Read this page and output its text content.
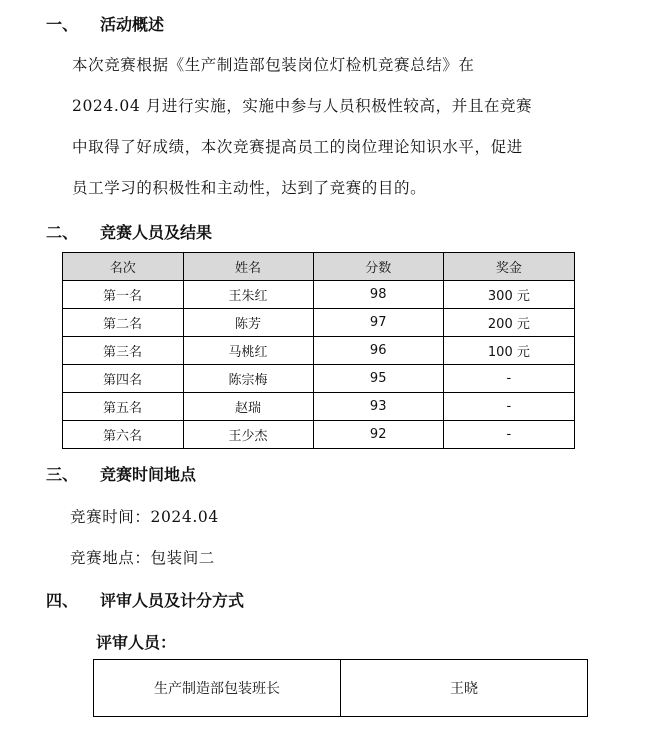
一、 活动概述
本次竞赛根据《生产制造部包装岗位灯检机竞赛总结》在
2024.04 月进行实施，实施中参与人员积极性较高，并且在竞赛
中取得了好成绩，本次竞赛提高员工的岗位理论知识水平，促进
员工学习的积极性和主动性，达到了竞赛的目的。
二、 竞赛人员及结果
名次	姓名	分数	奖金
第一名	王朱红	98	300 元
第二名	陈芳	97	200 元
第三名	马桃红	96	100 元
第四名	陈宗梅	95	-
第五名	赵瑞	93	-
第六名	王少杰	92	-
三、 竞赛时间地点
竞赛时间：2024.04
竞赛地点：包装间二
四、 评审人员及计分方式
评审人员：
生产制造部包装班长	王晓
